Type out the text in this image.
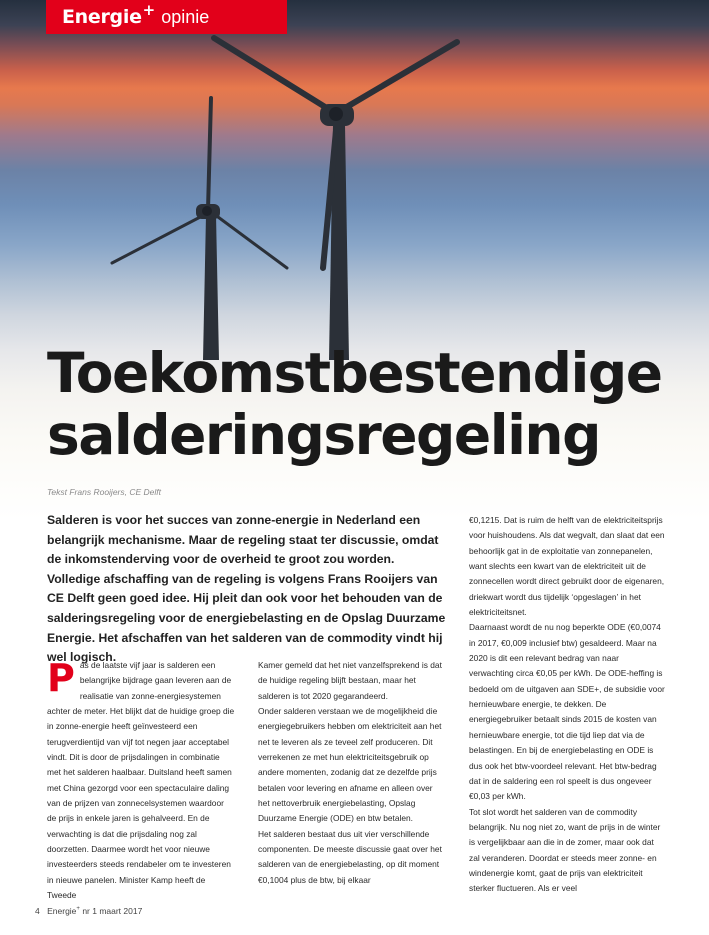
Energie + opinie
Toekomstbestendige
salderingsregeling
Tekst Frans Rooijers, CE Delft

Salderen is voor het succes van zonne-energie in Nederland een belangrijk mechanisme. Maar de regeling staat ter discussie, omdat de inkomstenderving voor de overheid te groot zou worden. Volledige afschaffing van de regeling is volgens Frans Rooijers van CE Delft geen goed idee. Hij pleit dan ook voor het behouden van de salderingsregeling voor de energiebelasting en de Opslag Duurzame Energie. Het afschaffen van het salderen van de commodity vindt hij wel logisch.

Pas de laatste vijf jaar is salderen een belangrijke bijdrage gaan leveren aan de realisatie van zonne-energiesystemen achter de meter. Het blijkt dat de huidige groep die in zonne-energie heeft geïnvesteerd een terugverdientijd van vijf tot negen jaar acceptabel vindt. Dit is door de prijsdalingen in combinatie met het salderen haalbaar. Duitsland heeft samen met China gezorgd voor een spectaculaire daling van de prijzen van zonnecelsystemen waardoor de prijs in enkele jaren is gehalveerd. En de verwachting is dat die prijsdaling nog zal doorzetten. Daarmee wordt het voor nieuwe investeerders steeds rendabeler om te investeren in nieuwe panelen. Minister Kamp heeft de Tweede

Kamer gemeld dat het niet vanzelfsprekend is dat de huidige regeling blijft bestaan, maar het salderen is tot 2020 gegarandeerd.

Onder salderen verstaan we de mogelijkheid die energiegebruikers hebben om elektriciteit aan het net te leveren als ze teveel zelf produceren. Dit verrekenen ze met hun elektriciteitsgebruik op andere momenten, zodanig dat ze dezelfde prijs betalen voor levering en afname en alleen over het nettoverbruik energiebelasting, Opslag Duurzame Energie (ODE) en btw betalen.

Het salderen bestaat dus uit vier verschillende componenten. De meeste discussie gaat over het salderen van de energiebelasting, op dit moment €0,1004 plus de btw, bij elkaar

€0,1215. Dat is ruim de helft van de elektriciteitsprijs voor huishoudens. Als dat wegvalt, dan slaat dat een behoorlijk gat in de exploitatie van zonnepanelen, want slechts een kwart van de elektriciteit uit de zonnecellen wordt direct gebruikt door de eigenaren, driekwart wordt dus tijdelijk ‘opgeslagen’ in het elektriciteitsnet.

Daarnaast wordt de nu nog beperkte ODE (€0,0074 in 2017, €0,009 inclusief btw) gesaldeerd. Maar na 2020 is dit een relevant bedrag van naar verwachting circa €0,05 per kWh. De ODE-heffing is bedoeld om de uitgaven aan SDE+, de subsidie voor hernieuwbare energie, te dekken. De energiegebruiker betaalt sinds 2015 de kosten van hernieuwbare energie, tot die tijd liep dat via de belastingen. En bij de energiebelasting en ODE is dus ook het btw-voordeel relevant. Het btw-bedrag dat in de saldering een rol speelt is dus ongeveer €0,03 per kWh.

Tot slot wordt het salderen van de commodity belangrijk. Nu nog niet zo, want de prijs in de winter is vergelijkbaar aan die in de zomer, maar ook dat zal veranderen. Doordat er steeds meer zonne- en windenergie komt, gaat de prijs van elektriciteit sterker fluctueren. Als er veel

4 Energie+ nr 1 maart 2017
